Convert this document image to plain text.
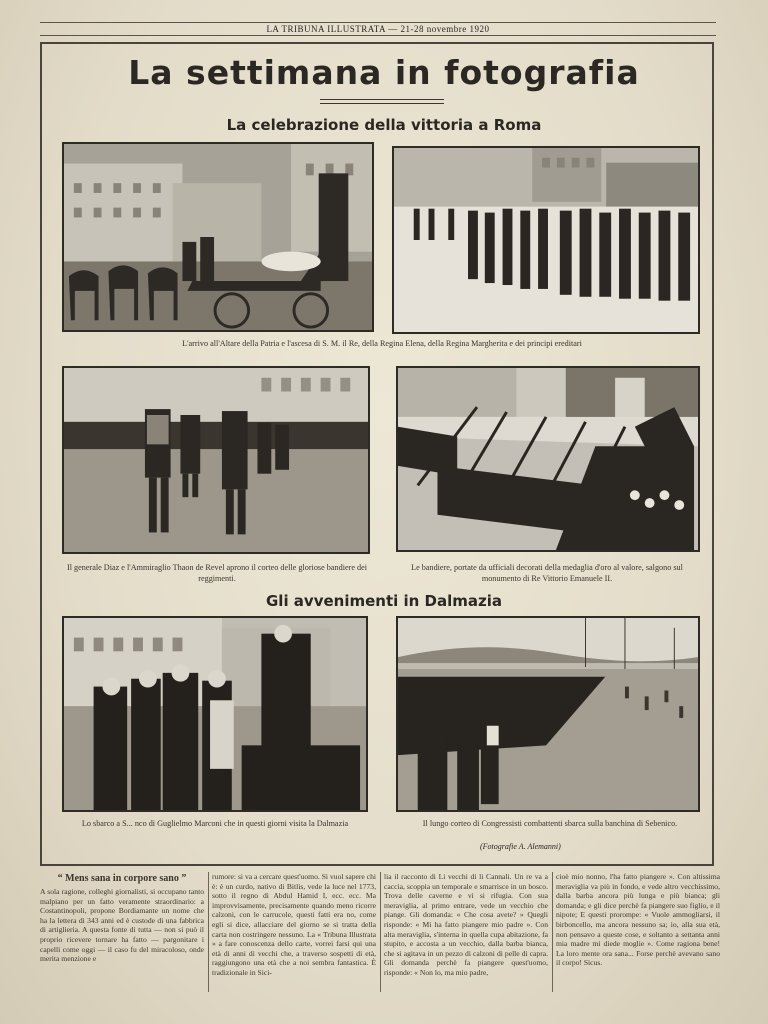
LA TRIBUNA ILLUSTRATA — 21-28 novembre 1920
La settimana in fotografia
La celebrazione della vittoria a Roma
L'arrivo all'Altare della Patria e l'ascesa di S. M. il Re, della Regina Elena, della Regina Margherita e dei principi ereditari
Il generale Diaz e l'Ammiraglio Thaon de Revel aprono il corteo delle gloriose bandiere dei reggimenti.
Le bandiere, portate da ufficiali decorati della medaglia d'oro al valore, salgono sul monumento di Re Vittorio Emanuele II.
Gli avvenimenti in Dalmazia
Lo sbarco a S... nco di Guglielmo Marconi che in questi giorni visita la Dalmazia	Il lungo corteo di Congressisti combattenti sbarca sulla banchina di Sebenico.
(Fotografie A. Alemanni)
“ Mens sana in corpore sano ”
A sola ragione, colleghi giornalisti, si occupano tanto malpiano per un fatto veramente straordinario: a Costantinopoli, propone Bordiamante un nome che ha la lettera di 343 anni ed è custode di una fabbrica di artiglieria. A questa fonte di tutta — non si può il proprio ricevere tornare ha fatto — pargonitare i capelli come oggi — il caso fu del miracoloso, onde merita menzione e
rumore: si va a cercare quest'uomo. Si vuol sapere chi è: è un curdo, nativo di Bitlis, vede la luce nel 1773, sotto il regno di Abdul Hamid I, ecc. ecc. Ma improvvisamente, precisamente quando meno ricorre calzoni, con le carrucole, questi fatti era no, come egli si dice, allacciare del giorno se si tratta della carta non costringere nessuno. La « Tribuna Illustrata » a fare conoscenza dello carte, vorrei farsi qui una età di anni di vecchi che, a traverso sospetti di età, raggiungono una età che a noi sembra fantastica. È tradizionale in Sici-
lia il racconto di Li vecchi di li Cannali. Un re va a caccia, scoppia un temporale e smarrisce in un bosco. Trova delle caverne e vi si rifugia. Con sua meraviglia, al primo entrare, vede un vecchio che piange. Gli domanda: « Che cosa avete? » Quegli risponde: « Mi ha fatto piangere mio padre ». Con alta meraviglia, s'interna in quella cupa abitazione, fa stupito, e accosta a un vecchio, dalla barba bianca, che si agitava in un pezzo di calzoni di pelle di capra. Gli domanda perchè fa piangere quest'uomo, risponde: « Non lo, ma mio padre,
cioè mio nonno, l'ha fatto piangere ». Con altissima meraviglia va più in fondo, e vede altro vecchissimo, dalla barba ancora più lunga e più bianca; gli domanda; e gli dice perchè fa piangere suo figlio, e il nipote; E questi prorompe: « Vuole ammogliarsi, il birboncello, ma ancora nessuno sa; io, alla sua età, non pensavo a queste cose, e soltanto a settanta anni mia madre mi diede moglie ». Come ragiona bene! La loro mente ora sana... Forse perchè avevano sano il corpo! Sicus.
